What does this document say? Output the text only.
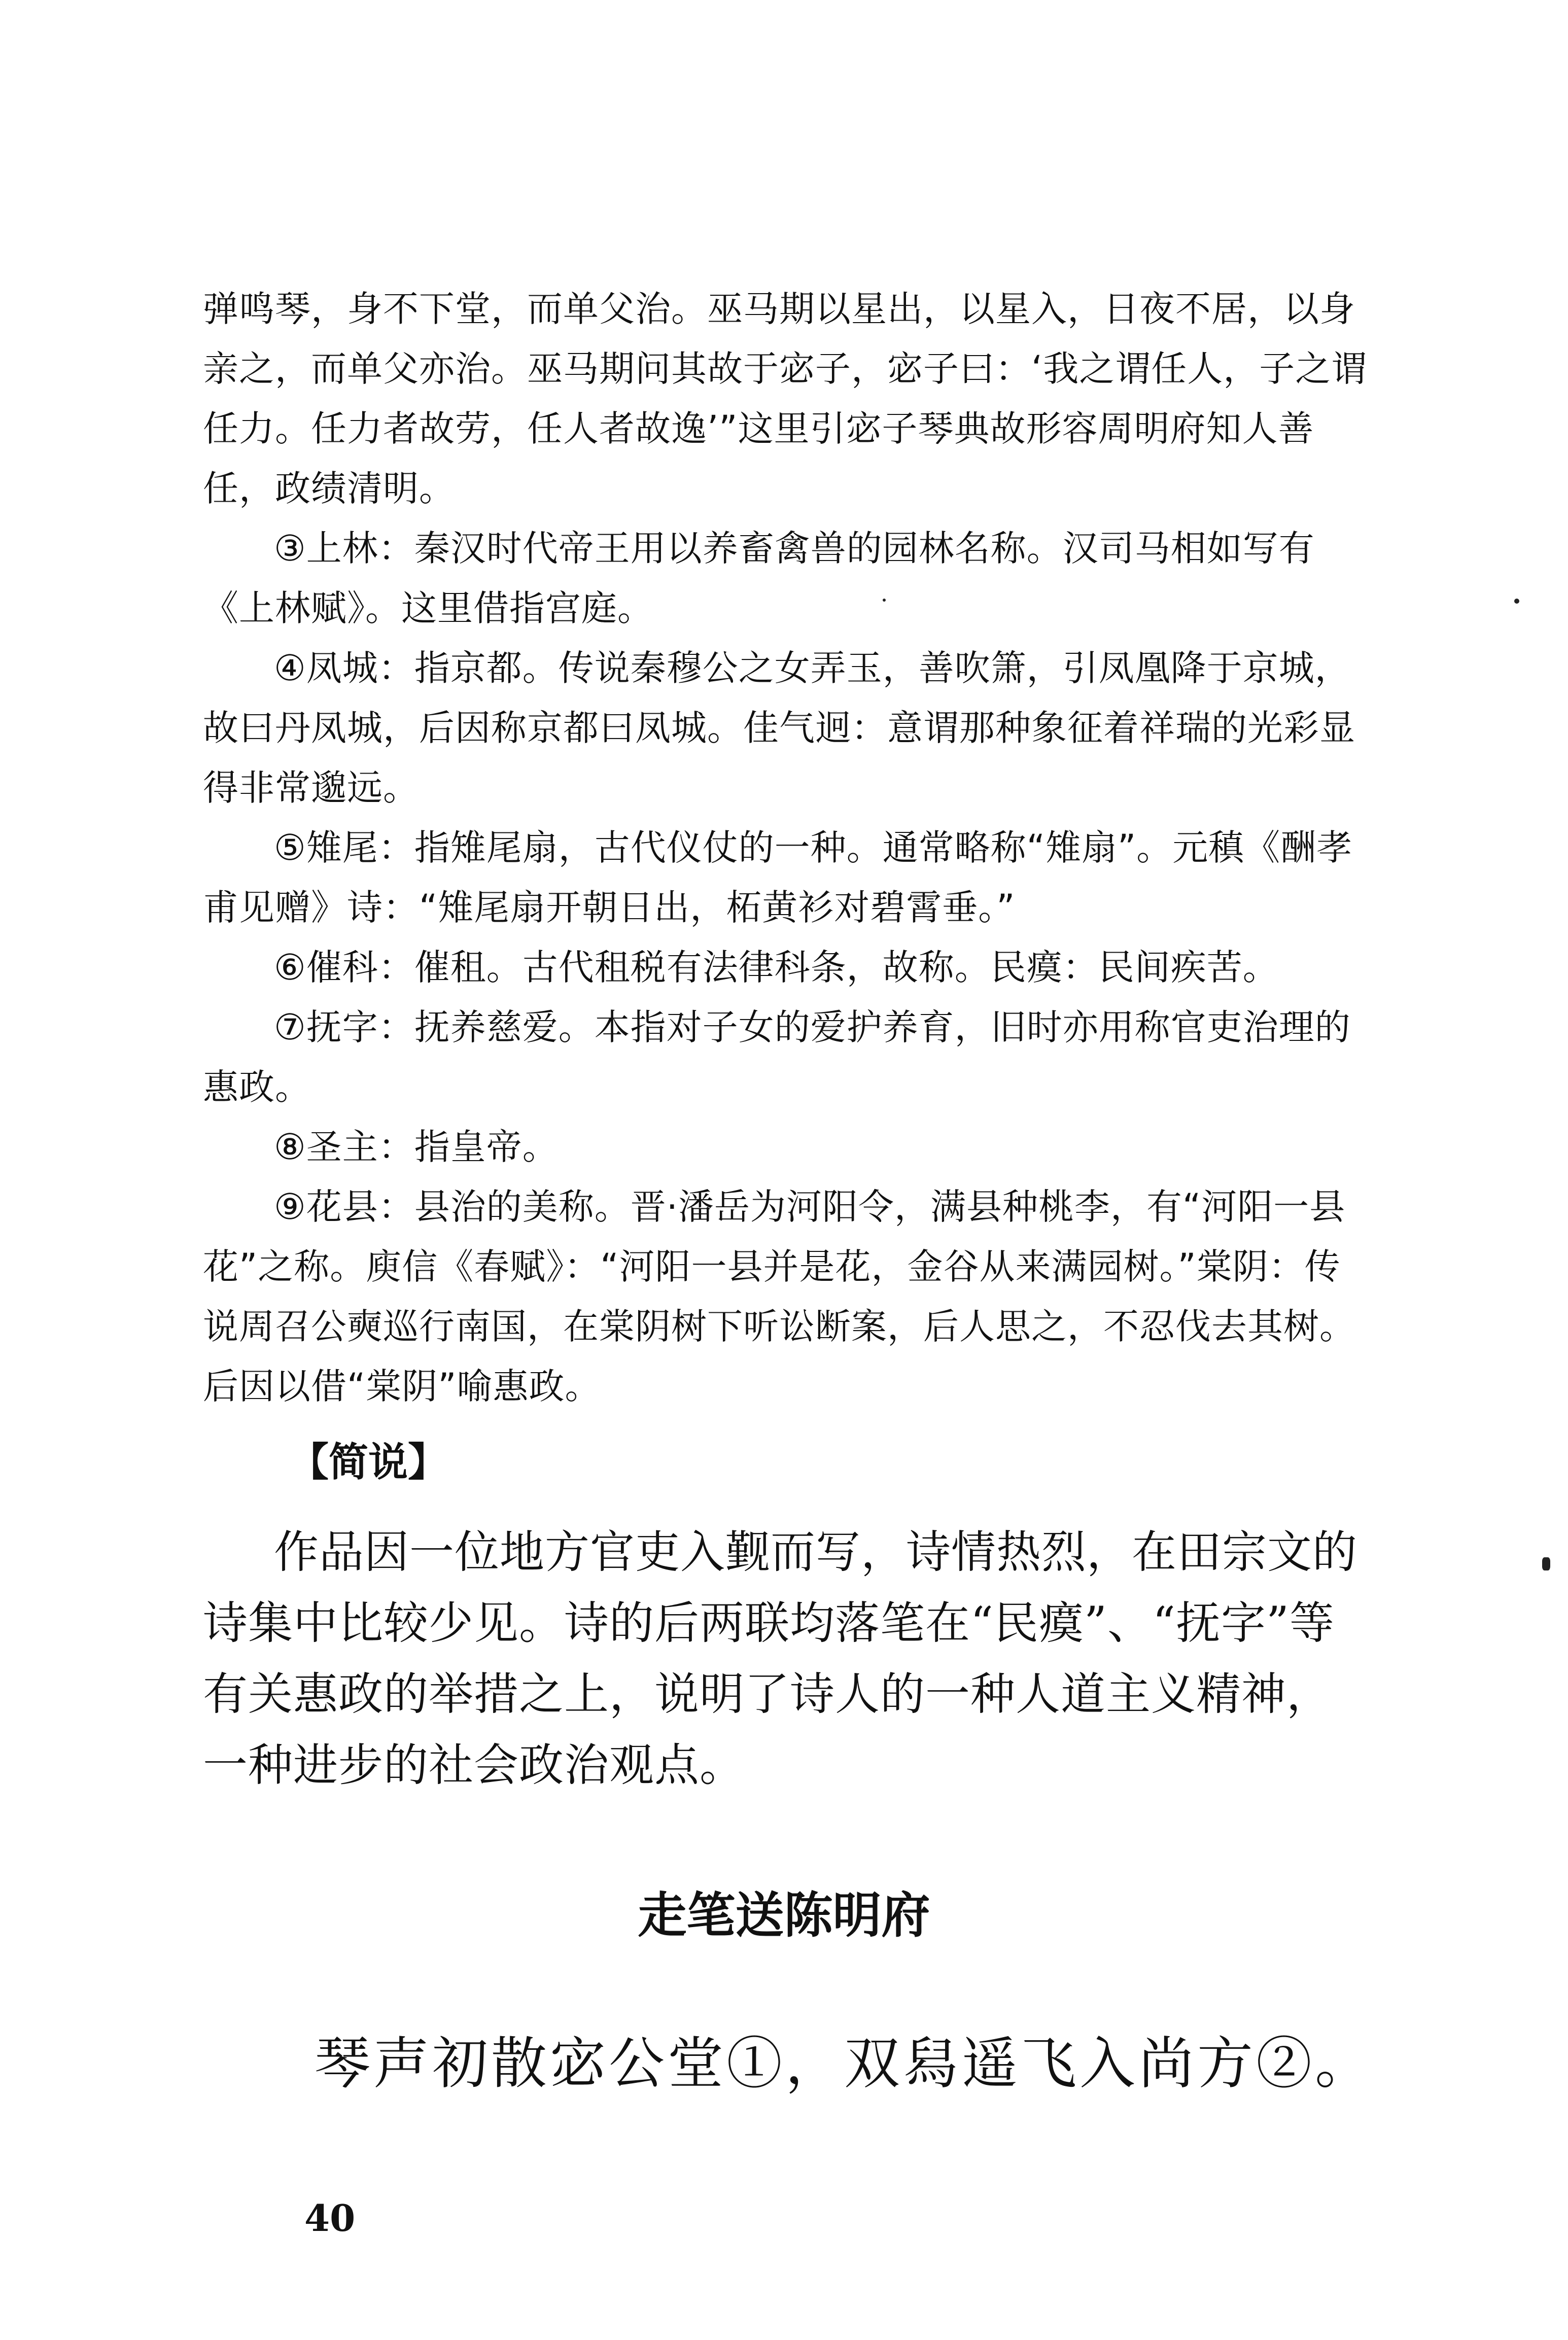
弹鸣琴，身不下堂，而单父治。巫马期以星出，以星入，日夜不居，以身亲之，而单父亦治。巫马期问其故于宓子，宓子曰：‘我之谓任人，子之谓任力。任力者故劳，任人者故逸’”这里引宓子琴典故形容周明府知人善任，政绩清明。

③上林：秦汉时代帝王用以养畜禽兽的园林名称。汉司马相如写有《上林赋》。这里借指宫庭。

④凤城：指京都。传说秦穆公之女弄玉，善吹箫，引凤凰降于京城，故曰丹凤城，后因称京都曰凤城。佳气迥：意谓那种象征着祥瑞的光彩显得非常邈远。

⑤雉尾：指雉尾扇，古代仪仗的一种。通常略称“雉扇”。元稹《酬孝甫见赠》诗：“雉尾扇开朝日出，柘黄衫对碧霄垂。”

⑥催科：催租。古代租税有法律科条，故称。民瘼：民间疾苦。

⑦抚字：抚养慈爱。本指对子女的爱护养育，旧时亦用称官吏治理的惠政。

⑧圣主：指皇帝。

⑨花县：县治的美称。晋·潘岳为河阳令，满县种桃李，有“河阳一县花”之称。庾信《春赋》：“河阳一县并是花，金谷从来满园树。”棠阴：传说周召公奭巡行南国，在棠阴树下听讼断案，后人思之，不忍伐去其树。后因以借“棠阴”喻惠政。

【简说】

作品因一位地方官吏入觐而写，诗情热烈，在田宗文的诗集中比较少见。诗的后两联均落笔在“民瘼”、“抚字”等有关惠政的举措之上，说明了诗人的一种人道主义精神，一种进步的社会政治观点。

走笔送陈明府

琴声初散宓公堂①，双舄遥飞入尚方②。

40
